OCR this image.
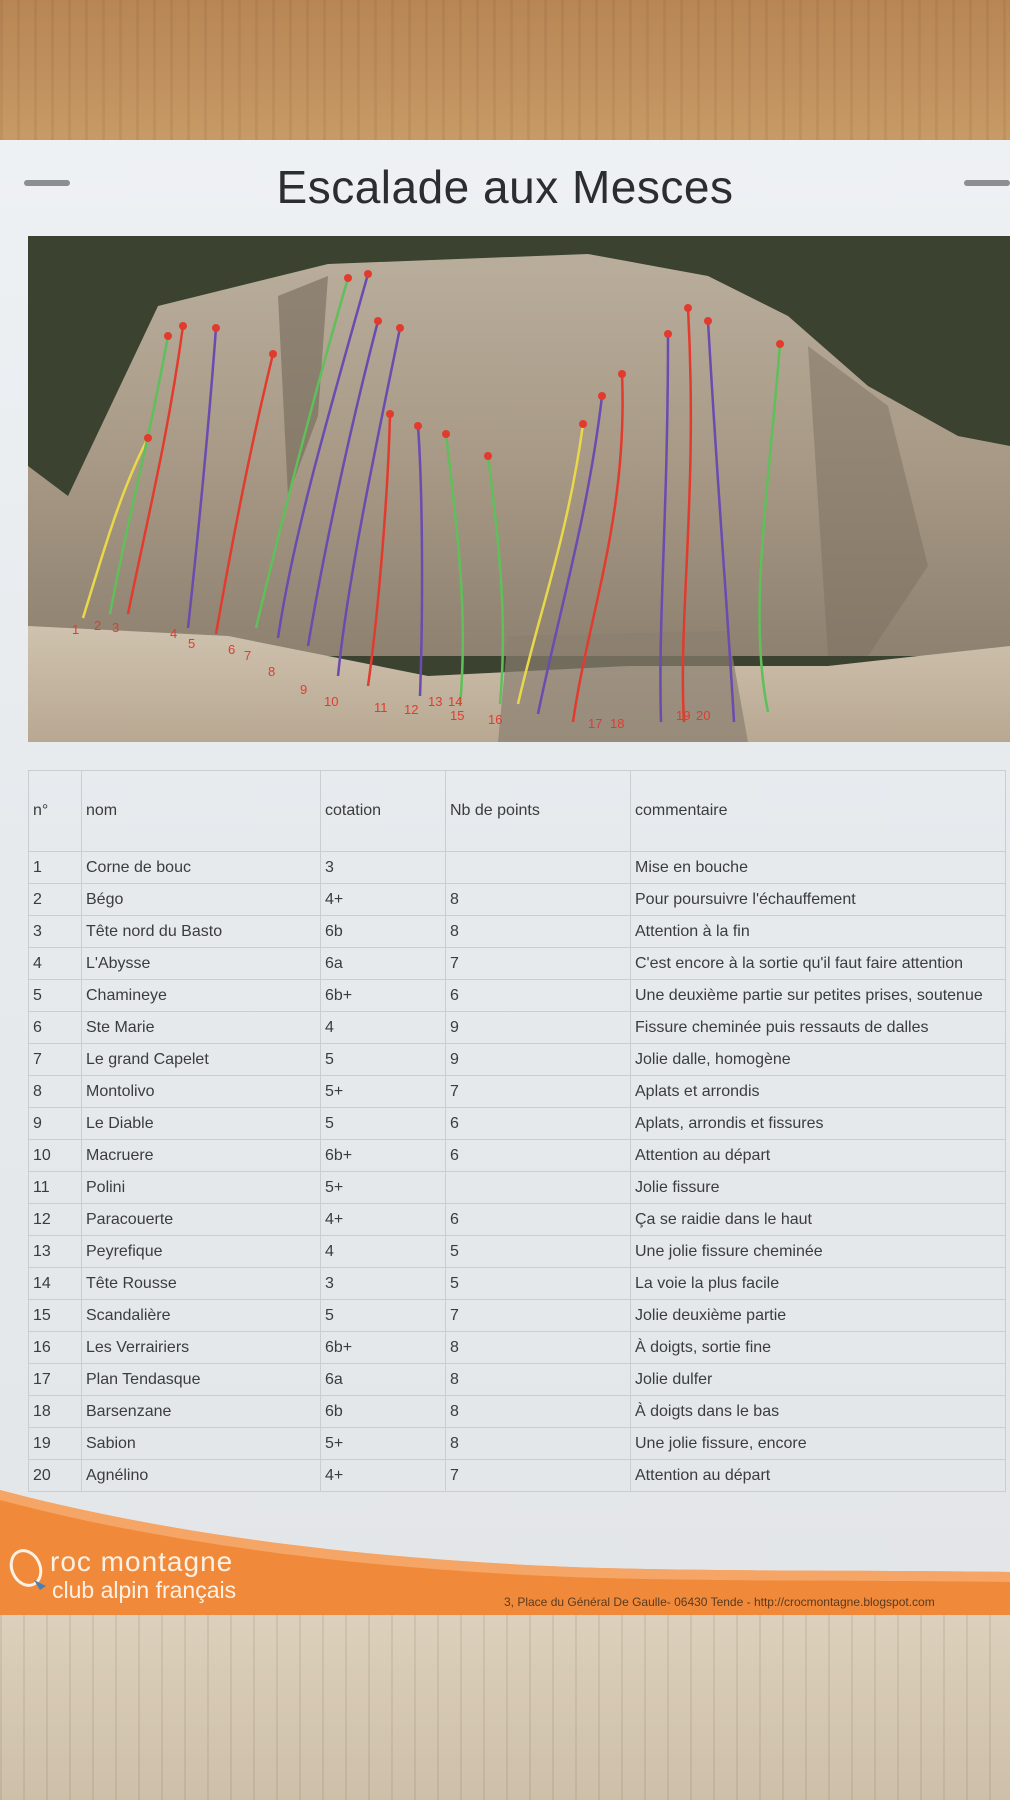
Escalade aux Mesces
1 2 3	4
5	6 7
8
9
10	11 12
13 14
15 16	17 18
19 20
n°	nom	cotation	Nb de points	commentaire
1	Corne de bouc	3		Mise en bouche
2	Bégo	4+	8	Pour poursuivre l'échauffement
3	Tête nord du Basto	6b	8	Attention à la fin
4	L'Abysse	6a	7	C'est encore à la sortie qu'il faut faire attention
5	Chamineye	6b+	6	Une deuxième partie sur petites prises, soutenue
6	Ste Marie	4	9	Fissure cheminée puis ressauts de dalles
7	Le grand Capelet	5	9	Jolie dalle, homogène
8	Montolivo	5+	7	Aplats et arrondis
9	Le Diable	5	6	Aplats, arrondis et fissures
10	Macruere	6b+	6	Attention au départ
11	Polini	5+		Jolie fissure
12	Paracouerte	4+	6	Ça se raidie dans le haut
13	Peyrefique	4	5	Une jolie fissure cheminée
14	Tête Rousse	3	5	La voie la plus facile
15	Scandalière	5	7	Jolie deuxième partie
16	Les Verrairiers	6b+	8	À doigts, sortie fine
17	Plan Tendasque	6a	8	Jolie dulfer
18	Barsenzane	6b	8	À doigts dans le bas
19	Sabion	5+	8	Une jolie fissure, encore
20	Agnélino	4+	7	Attention au départ
roc montagne
club alpin français	3, Place du Général De Gaulle- 06430 Tende - http://crocmontagne.blogspot.com
